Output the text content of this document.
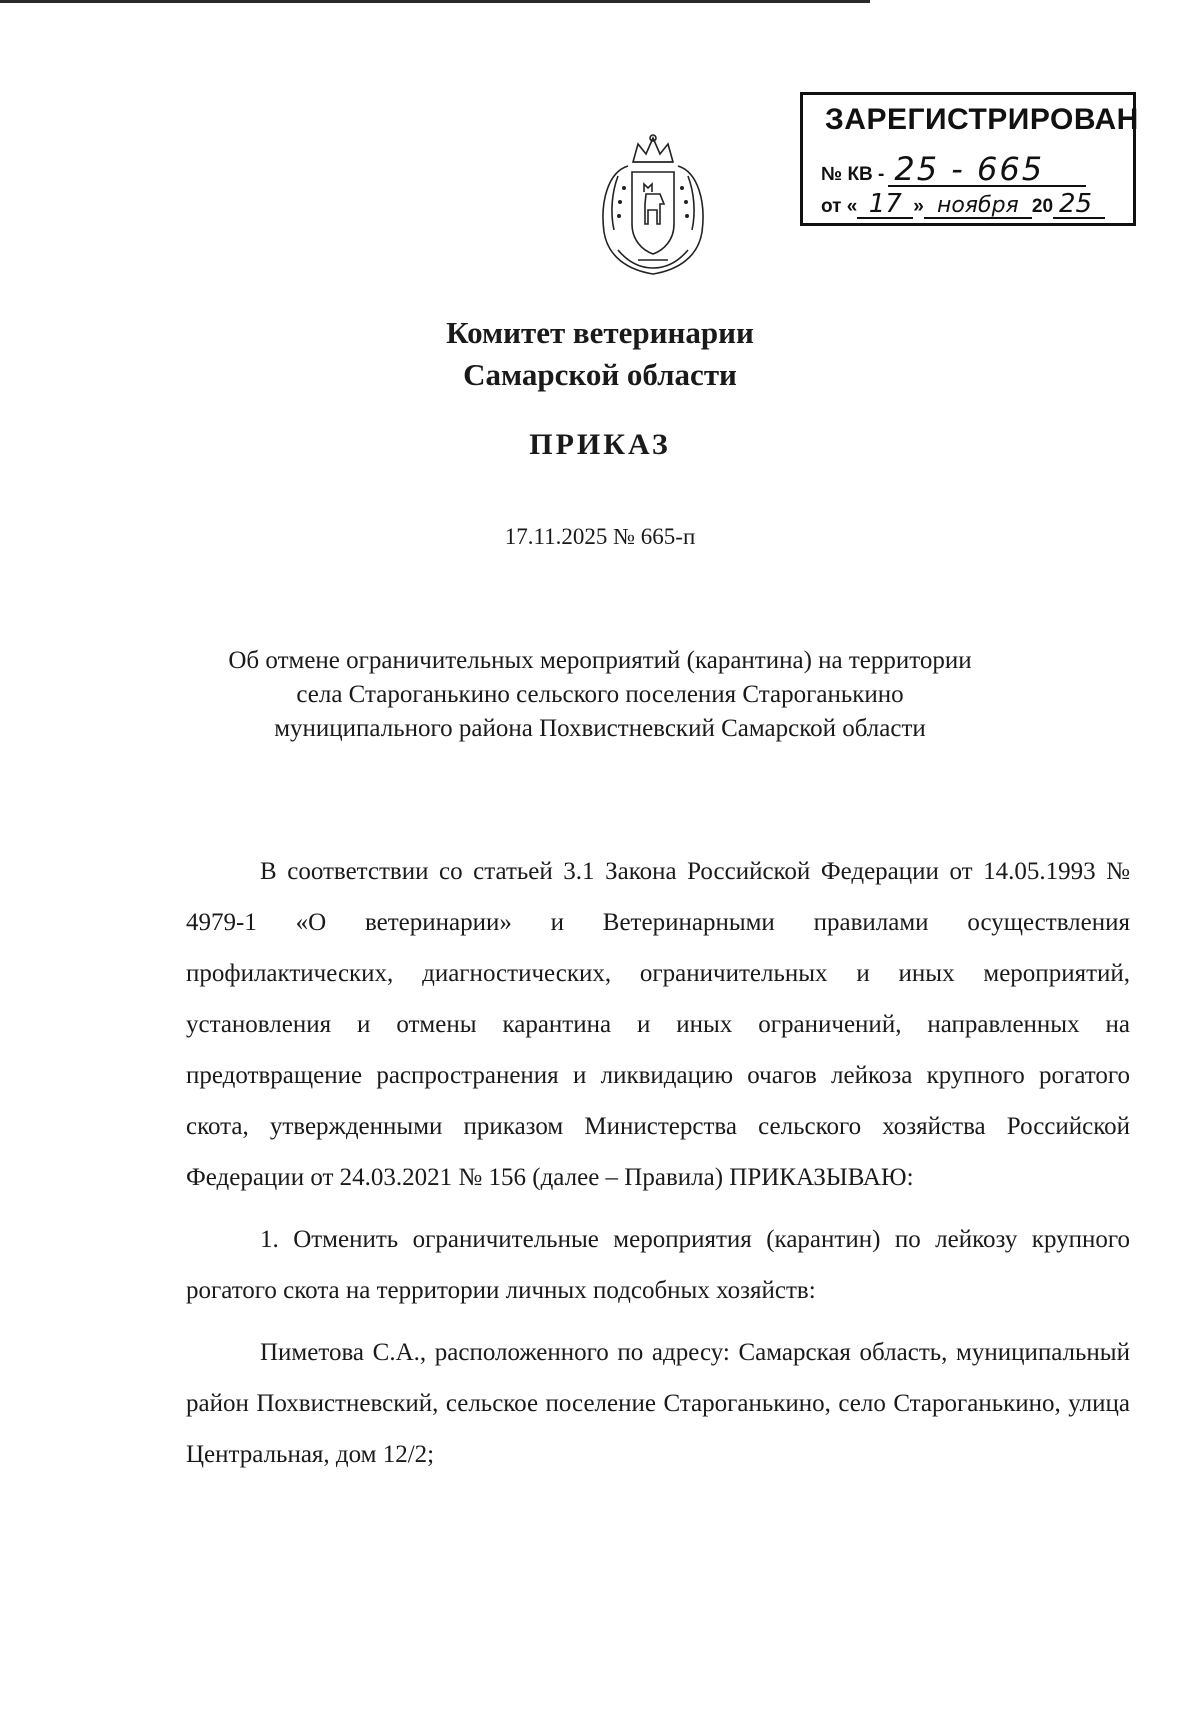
ЗАРЕГИСТРИРОВАН
№ КВ - 25 - 665
от « 17 » ноября 20 25
Комитет ветеринарии
Самарской области
ПРИКАЗ
17.11.2025 № 665-п
Об отмене ограничительных мероприятий (карантина) на территории
села Староганькино сельского поселения Староганькино
муниципального района Похвистневский Самарской области

В соответствии со статьей 3.1 Закона Российской Федерации от 14.05.1993 № 4979-1 «О ветеринарии» и Ветеринарными правилами осуществления профилактических, диагностических, ограничительных и иных мероприятий, установления и отмены карантина и иных ограничений, направленных на предотвращение распространения и ликвидацию очагов лейкоза крупного рогатого скота, утвержденными приказом Министерства сельского хозяйства Российской Федерации от 24.03.2021 № 156 (далее – Правила) ПРИКАЗЫВАЮ:

1. Отменить ограничительные мероприятия (карантин) по лейкозу крупного рогатого скота на территории личных подсобных хозяйств:

Пиметова С.А., расположенного по адресу: Самарская область, муниципальный район Похвистневский, сельское поселение Староганькино, село Староганькино, улица Центральная, дом 12/2;
